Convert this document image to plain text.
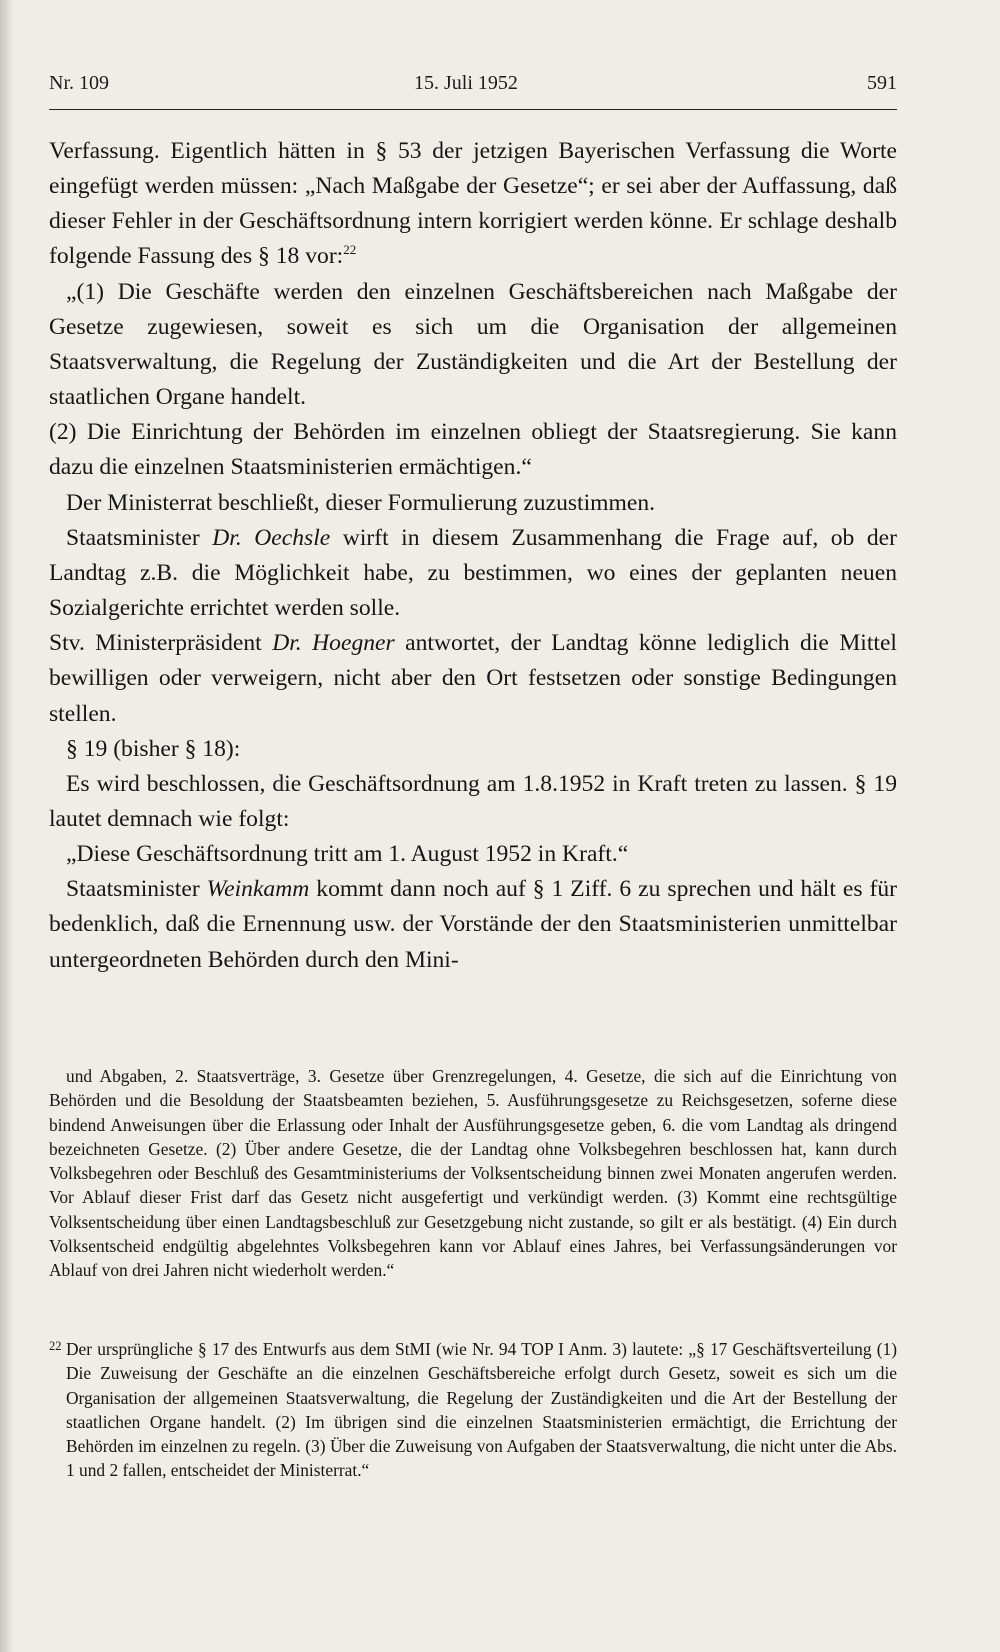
Nr. 109	15. Juli 1952	591

Verfassung. Eigentlich hätten in § 53 der jetzigen Bayerischen Verfassung die Worte eingefügt werden müssen: „Nach Maßgabe der Gesetze“; er sei aber der Auffassung, daß dieser Fehler in der Geschäftsordnung intern korrigiert werden könne. Er schlage deshalb folgende Fassung des § 18 vor:$^{22}$

„(1) Die Geschäfte werden den einzelnen Geschäftsbereichen nach Maßgabe der Gesetze zugewiesen, soweit es sich um die Organisation der allgemeinen Staatsverwaltung, die Regelung der Zuständigkeiten und die Art der Bestellung der staatlichen Organe handelt.

(2) Die Einrichtung der Behörden im einzelnen obliegt der Staatsregierung. Sie kann dazu die einzelnen Staatsministerien ermächtigen.“

Der Ministerrat beschließt, dieser Formulierung zuzustimmen.

Staatsminister Dr. Oechsle wirft in diesem Zusammenhang die Frage auf, ob der Landtag z.B. die Möglichkeit habe, zu bestimmen, wo eines der geplanten neuen Sozialgerichte errichtet werden solle.

Stv. Ministerpräsident Dr. Hoegner antwortet, der Landtag könne lediglich die Mittel bewilligen oder verweigern, nicht aber den Ort festsetzen oder sonstige Bedingungen stellen.

§ 19 (bisher § 18):

Es wird beschlossen, die Geschäftsordnung am 1.8.1952 in Kraft treten zu lassen. § 19 lautet demnach wie folgt:

„Diese Geschäftsordnung tritt am 1. August 1952 in Kraft.“

Staatsminister Weinkamm kommt dann noch auf § 1 Ziff. 6 zu sprechen und hält es für bedenklich, daß die Ernennung usw. der Vorstände der den Staatsministerien unmittelbar untergeordneten Behörden durch den Mini-

und Abgaben, 2. Staatsverträge, 3. Gesetze über Grenzregelungen, 4. Gesetze, die sich auf die Einrichtung von Behörden und die Besoldung der Staatsbeamten beziehen, 5. Ausführungsgesetze zu Reichsgesetzen, soferne diese bindend Anweisungen über die Erlassung oder Inhalt der Ausführungsgesetze geben, 6. die vom Landtag als dringend bezeichneten Gesetze. (2) Über andere Gesetze, die der Landtag ohne Volksbegehren beschlossen hat, kann durch Volksbegehren oder Beschluß des Gesamtministeriums der Volksentscheidung binnen zwei Monaten angerufen werden. Vor Ablauf dieser Frist darf das Gesetz nicht ausgefertigt und verkündigt werden. (3) Kommt eine rechtsgültige Volksentscheidung über einen Landtagsbeschluß zur Gesetzgebung nicht zustande, so gilt er als bestätigt. (4) Ein durch Volksentscheid endgültig abgelehntes Volksbegehren kann vor Ablauf eines Jahres, bei Verfassungsänderungen vor Ablauf von drei Jahren nicht wiederholt werden.“

22 Der ursprüngliche § 17 des Entwurfs aus dem StMI (wie Nr. 94 TOP I Anm. 3) lautete: „§ 17 Geschäftsverteilung (1) Die Zuweisung der Geschäfte an die einzelnen Geschäftsbereiche erfolgt durch Gesetz, soweit es sich um die Organisation der allgemeinen Staatsverwaltung, die Regelung der Zuständigkeiten und die Art der Bestellung der staatlichen Organe handelt. (2) Im übrigen sind die einzelnen Staatsministerien ermächtigt, die Errichtung der Behörden im einzelnen zu regeln. (3) Über die Zuweisung von Aufgaben der Staatsverwaltung, die nicht unter die Abs. 1 und 2 fallen, entscheidet der Ministerrat.“
